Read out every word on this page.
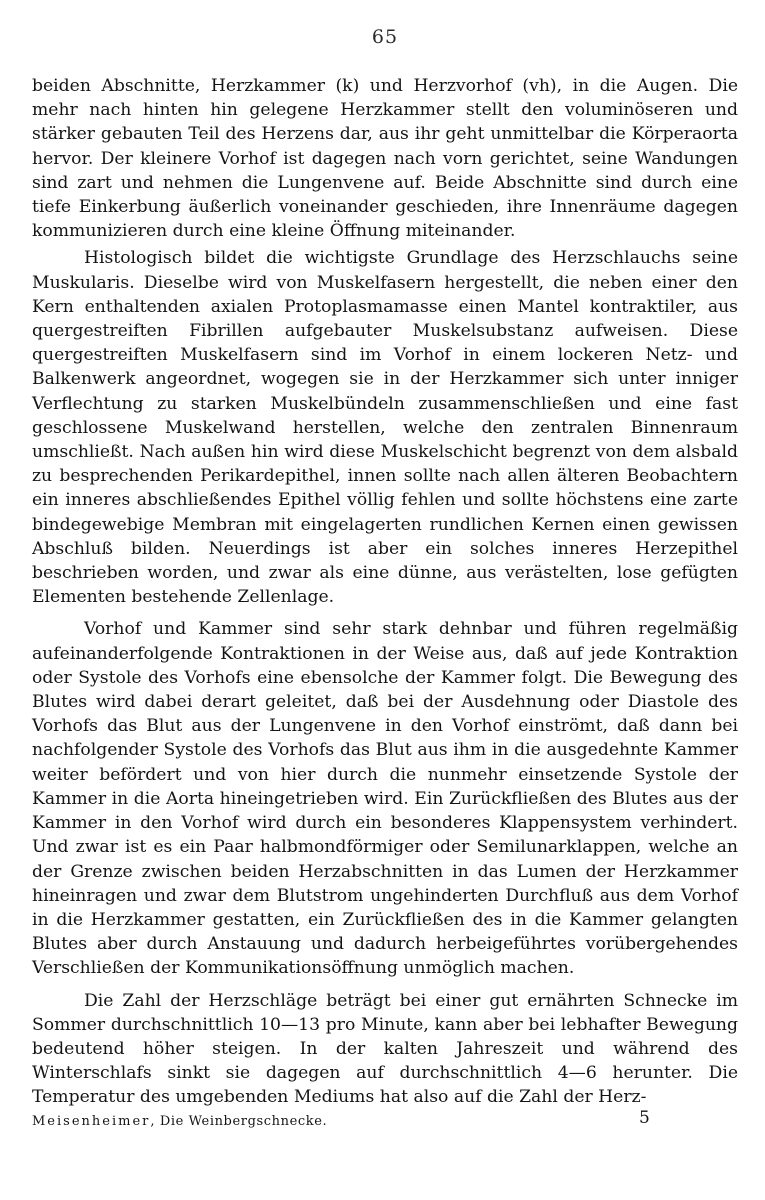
65

beiden Abschnitte, Herzkammer (k) und Herzvorhof (vh), in die Augen. Die mehr nach hinten hin gelegene Herzkammer stellt den voluminöseren und stärker gebauten Teil des Herzens dar, aus ihr geht unmittelbar die Körperaorta hervor. Der kleinere Vorhof ist dagegen nach vorn gerichtet, seine Wandungen sind zart und nehmen die Lungenvene auf. Beide Abschnitte sind durch eine tiefe Einkerbung äußerlich voneinander geschieden, ihre Innenräume dagegen kommunizieren durch eine kleine Öffnung miteinander.

Histologisch bildet die wichtigste Grundlage des Herzschlauchs seine Muskularis. Dieselbe wird von Muskelfasern hergestellt, die neben einer den Kern enthaltenden axialen Protoplasmamasse einen Mantel kontraktiler, aus quergestreiften Fibrillen aufgebauter Muskelsubstanz aufweisen. Diese quergestreiften Muskelfasern sind im Vorhof in einem lockeren Netz- und Balkenwerk angeordnet, wogegen sie in der Herzkammer sich unter inniger Verflechtung zu starken Muskelbündeln zusammenschließen und eine fast geschlossene Muskelwand herstellen, welche den zentralen Binnenraum umschließt. Nach außen hin wird diese Muskelschicht begrenzt von dem alsbald zu besprechenden Perikardepithel, innen sollte nach allen älteren Beobachtern ein inneres abschließendes Epithel völlig fehlen und sollte höchstens eine zarte bindegewebige Membran mit eingelagerten rundlichen Kernen einen gewissen Abschluß bilden. Neuerdings ist aber ein solches inneres Herzepithel beschrieben worden, und zwar als eine dünne, aus verästelten, lose gefügten Elementen bestehende Zellenlage.

Vorhof und Kammer sind sehr stark dehnbar und führen regelmäßig aufeinanderfolgende Kontraktionen in der Weise aus, daß auf jede Kontraktion oder Systole des Vorhofs eine ebensolche der Kammer folgt. Die Bewegung des Blutes wird dabei derart geleitet, daß bei der Ausdehnung oder Diastole des Vorhofs das Blut aus der Lungenvene in den Vorhof einströmt, daß dann bei nachfolgender Systole des Vorhofs das Blut aus ihm in die ausgedehnte Kammer weiter befördert und von hier durch die nunmehr einsetzende Systole der Kammer in die Aorta hineingetrieben wird. Ein Zurückfließen des Blutes aus der Kammer in den Vorhof wird durch ein besonderes Klappensystem verhindert. Und zwar ist es ein Paar halbmondförmiger oder Semilunarklappen, welche an der Grenze zwischen beiden Herzabschnitten in das Lumen der Herzkammer hineinragen und zwar dem Blutstrom ungehinderten Durchfluß aus dem Vorhof in die Herzkammer gestatten, ein Zurückfließen des in die Kammer gelangten Blutes aber durch Anstauung und dadurch herbeigeführtes vorübergehendes Verschließen der Kommunikationsöffnung unmöglich machen.

Die Zahl der Herzschläge beträgt bei einer gut ernährten Schnecke im Sommer durchschnittlich 10—13 pro Minute, kann aber bei lebhafter Bewegung bedeutend höher steigen. In der kalten Jahreszeit und während des Winterschlafs sinkt sie dagegen auf durchschnittlich 4—6 herunter. Die Temperatur des umgebenden Mediums hat also auf die Zahl der Herz-

Meisenheimer, Die Weinbergschnecke.	5
